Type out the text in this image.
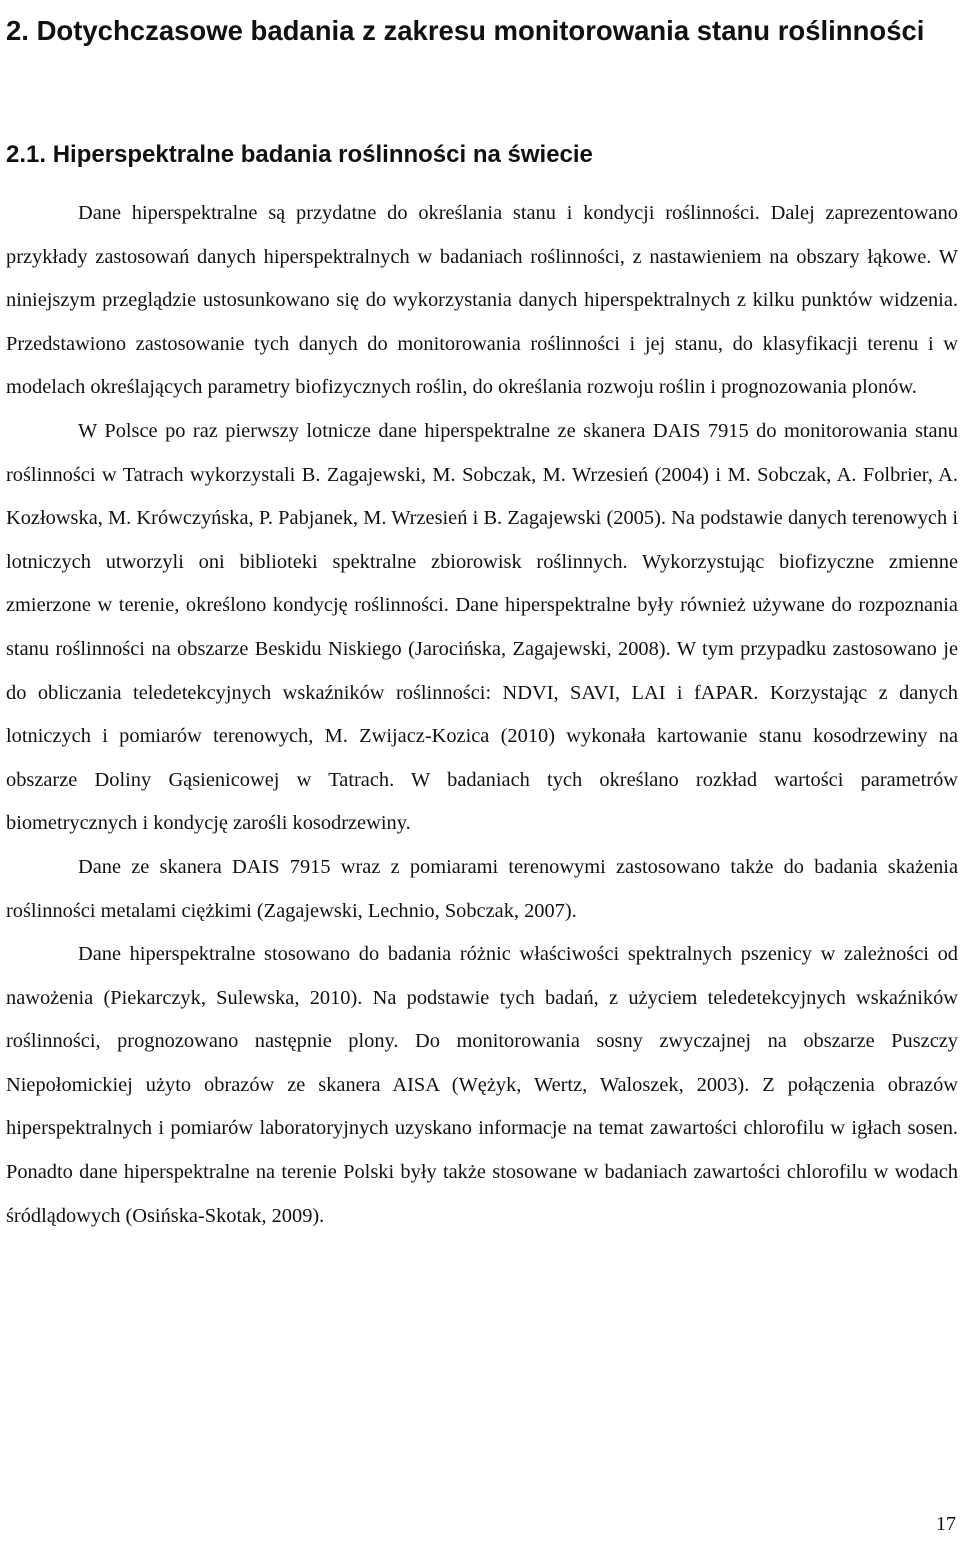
2. Dotychczasowe badania z zakresu monitorowania stanu roślinności
2.1. Hiperspektralne badania roślinności na świecie

Dane hiperspektralne są przydatne do określania stanu i kondycji roślinności. Dalej zaprezentowano przykłady zastosowań danych hiperspektralnych w badaniach roślinności, z nastawieniem na obszary łąkowe. W niniejszym przeglądzie ustosunkowano się do wykorzystania danych hiperspektralnych z kilku punktów widzenia. Przedstawiono zastosowanie tych danych do monitorowania roślinności i jej stanu, do klasyfikacji terenu i w modelach określających parametry biofizycznych roślin, do określania rozwoju roślin i prognozowania plonów.

W Polsce po raz pierwszy lotnicze dane hiperspektralne ze skanera DAIS 7915 do monitorowania stanu roślinności w Tatrach wykorzystali B. Zagajewski, M. Sobczak, M. Wrzesień (2004) i M. Sobczak, A. Folbrier, A. Kozłowska, M. Krówczyńska, P. Pabjanek, M. Wrzesień i B. Zagajewski (2005). Na podstawie danych terenowych i lotniczych utworzyli oni biblioteki spektralne zbiorowisk roślinnych. Wykorzystując biofizyczne zmienne zmierzone w terenie, określono kondycję roślinności. Dane hiperspektralne były również używane do rozpoznania stanu roślinności na obszarze Beskidu Niskiego (Jarocińska, Zagajewski, 2008). W tym przypadku zastosowano je do obliczania teledetekcyjnych wskaźników roślinności: NDVI, SAVI, LAI i fAPAR. Korzystając z danych lotniczych i pomiarów terenowych, M. Zwijacz-Kozica (2010) wykonała kartowanie stanu kosodrzewiny na obszarze Doliny Gąsienicowej w Tatrach. W badaniach tych określano rozkład wartości parametrów biometrycznych i kondycję zarośli kosodrzewiny.

Dane ze skanera DAIS 7915 wraz z pomiarami terenowymi zastosowano także do badania skażenia roślinności metalami ciężkimi (Zagajewski, Lechnio, Sobczak, 2007).

Dane hiperspektralne stosowano do badania różnic właściwości spektralnych pszenicy w zależności od nawożenia (Piekarczyk, Sulewska, 2010). Na podstawie tych badań, z użyciem teledetekcyjnych wskaźników roślinności, prognozowano następnie plony. Do monitorowania sosny zwyczajnej na obszarze Puszczy Niepołomickiej użyto obrazów ze skanera AISA (Wężyk, Wertz, Waloszek, 2003). Z połączenia obrazów hiperspektralnych i pomiarów laboratoryjnych uzyskano informacje na temat zawartości chlorofilu w igłach sosen. Ponadto dane hiperspektralne na terenie Polski były także stosowane w badaniach zawartości chlorofilu w wodach śródlądowych (Osińska-Skotak, 2009).

17
